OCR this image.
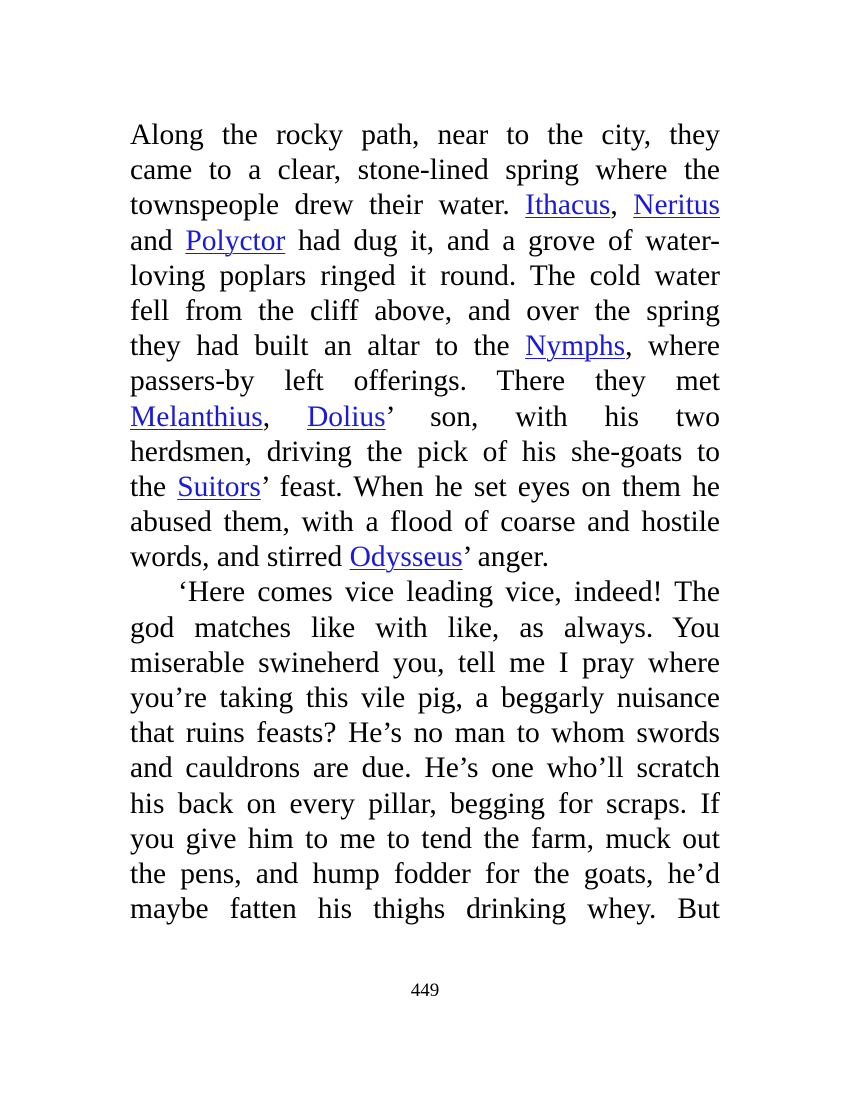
Along the rocky path, near to the city, they
came to a clear, stone-lined spring where the
townspeople drew their water. Ithacus, Neritus
and Polyctor had dug it, and a grove of water-
loving poplars ringed it round. The cold water
fell from the cliff above, and over the spring
they had built an altar to the Nymphs, where
passers-by left offerings. There they met
Melanthius, Dolius’ son, with his two
herdsmen, driving the pick of his she-goats to
the Suitors’ feast. When he set eyes on them he
abused them, with a flood of coarse and hostile
words, and stirred Odysseus’ anger.
‘Here comes vice leading vice, indeed! The
god matches like with like, as always. You
miserable swineherd you, tell me I pray where
you’re taking this vile pig, a beggarly nuisance
that ruins feasts? He’s no man to whom swords
and cauldrons are due. He’s one who’ll scratch
his back on every pillar, begging for scraps. If
you give him to me to tend the farm, muck out
the pens, and hump fodder for the goats, he’d
maybe fatten his thighs drinking whey. But
449
